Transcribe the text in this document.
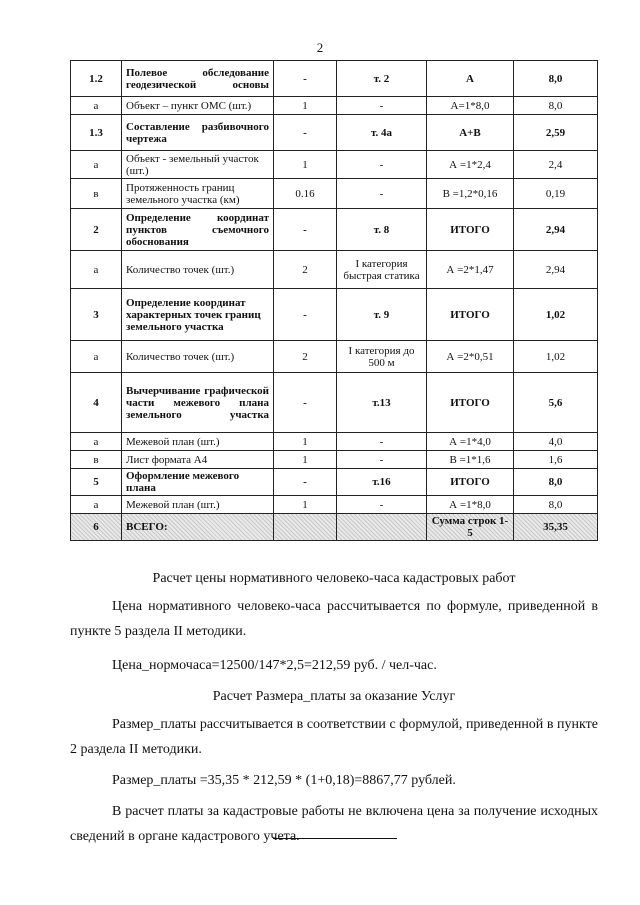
2
1.2	Полевое обследование геодезической основы	-	т. 2	А	8,0
а	Объект – пункт ОМС (шт.)	1	-	А=1*8,0	8,0
1.3	Составление разбивочного чертежа	-	т. 4а	А+В	2,59
а	Объект - земельный участок (шт.)	1	-	А =1*2,4	2,4
в	Протяженность границ земельного участка (км)	0.16	-	В =1,2*0,16	0,19
2	Определение координат пунктов съемочного обоснования	-	т. 8	ИТОГО	2,94
а	Количество точек (шт.)	2	I категория быстрая статика	А =2*1,47	2,94
3	Определение координат характерных точек границ земельного участка	-	т. 9	ИТОГО	1,02
а	Количество точек (шт.)	2	I категория до 500 м	А =2*0,51	1,02
4	Вычерчивание графической части межевого плана земельного участка	-	т.13	ИТОГО	5,6
а	Межевой план (шт.)	1	-	А =1*4,0	4,0
в	Лист формата А4	1	-	В =1*1,6	1,6
5	Оформление межевого плана	-	т.16	ИТОГО	8,0
а	Межевой план (шт.)	1	-	А =1*8,0	8,0
6	ВСЕГО:			Сумма строк 1-5	35,35

Расчет цены нормативного человеко-часа кадастровых работ

Цена нормативного человеко-часа рассчитывается по формуле, приведенной в пункте 5 раздела II методики.

Цена_нормочаса=12500/147*2,5=212,59 руб. / чел-час.

Расчет Размера_платы за оказание Услуг

Размер_платы рассчитывается в соответствии с формулой, приведенной в пункте 2 раздела II методики.

Размер_платы =35,35 * 212,59 * (1+0,18)=8867,77 рублей.

В расчет платы за кадастровые работы не включена цена за получение исходных сведений в органе кадастрового учета.
